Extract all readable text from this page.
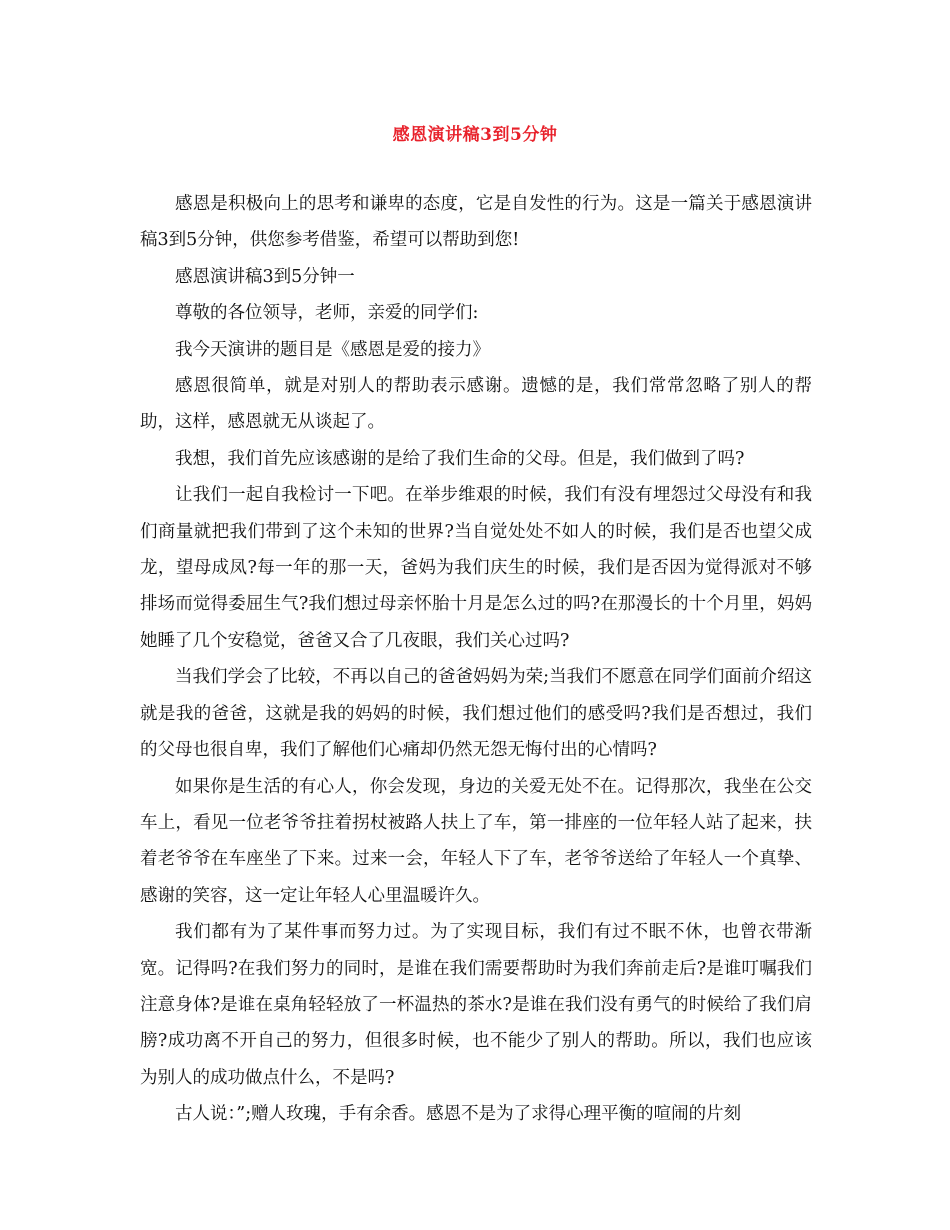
感恩演讲稿3到5分钟

感恩是积极向上的思考和谦卑的态度，它是自发性的行为。这是一篇关于感恩演讲稿3到5分钟，供您参考借鉴，希望可以帮助到您!

感恩演讲稿3到5分钟一

尊敬的各位领导，老师，亲爱的同学们:

我今天演讲的题目是《感恩是爱的接力》

感恩很简单，就是对别人的帮助表示感谢。遗憾的是，我们常常忽略了别人的帮助，这样，感恩就无从谈起了。

我想，我们首先应该感谢的是给了我们生命的父母。但是，我们做到了吗?

让我们一起自我检讨一下吧。在举步维艰的时候，我们有没有埋怨过父母没有和我们商量就把我们带到了这个未知的世界?当自觉处处不如人的时候，我们是否也望父成龙，望母成凤?每一年的那一天，爸妈为我们庆生的时候，我们是否因为觉得派对不够排场而觉得委屈生气?我们想过母亲怀胎十月是怎么过的吗?在那漫长的十个月里，妈妈她睡了几个安稳觉，爸爸又合了几夜眼，我们关心过吗?

当我们学会了比较，不再以自己的爸爸妈妈为荣;当我们不愿意在同学们面前介绍这就是我的爸爸，这就是我的妈妈的时候，我们想过他们的感受吗?我们是否想过，我们的父母也很自卑，我们了解他们心痛却仍然无怨无悔付出的心情吗?

如果你是生活的有心人，你会发现，身边的关爱无处不在。记得那次，我坐在公交车上，看见一位老爷爷拄着拐杖被路人扶上了车，第一排座的一位年轻人站了起来，扶着老爷爷在车座坐了下来。过来一会，年轻人下了车，老爷爷送给了年轻人一个真挚、感谢的笑容，这一定让年轻人心里温暖许久。

我们都有为了某件事而努力过。为了实现目标，我们有过不眠不休，也曾衣带渐宽。记得吗?在我们努力的同时，是谁在我们需要帮助时为我们奔前走后?是谁叮嘱我们注意身体?是谁在桌角轻轻放了一杯温热的茶水?是谁在我们没有勇气的时候给了我们肩膀?成功离不开自己的努力，但很多时候，也不能少了别人的帮助。所以，我们也应该为别人的成功做点什么，不是吗?

古人说：”;赠人玫瑰，手有余香。感恩不是为了求得心理平衡的喧闹的片刻
